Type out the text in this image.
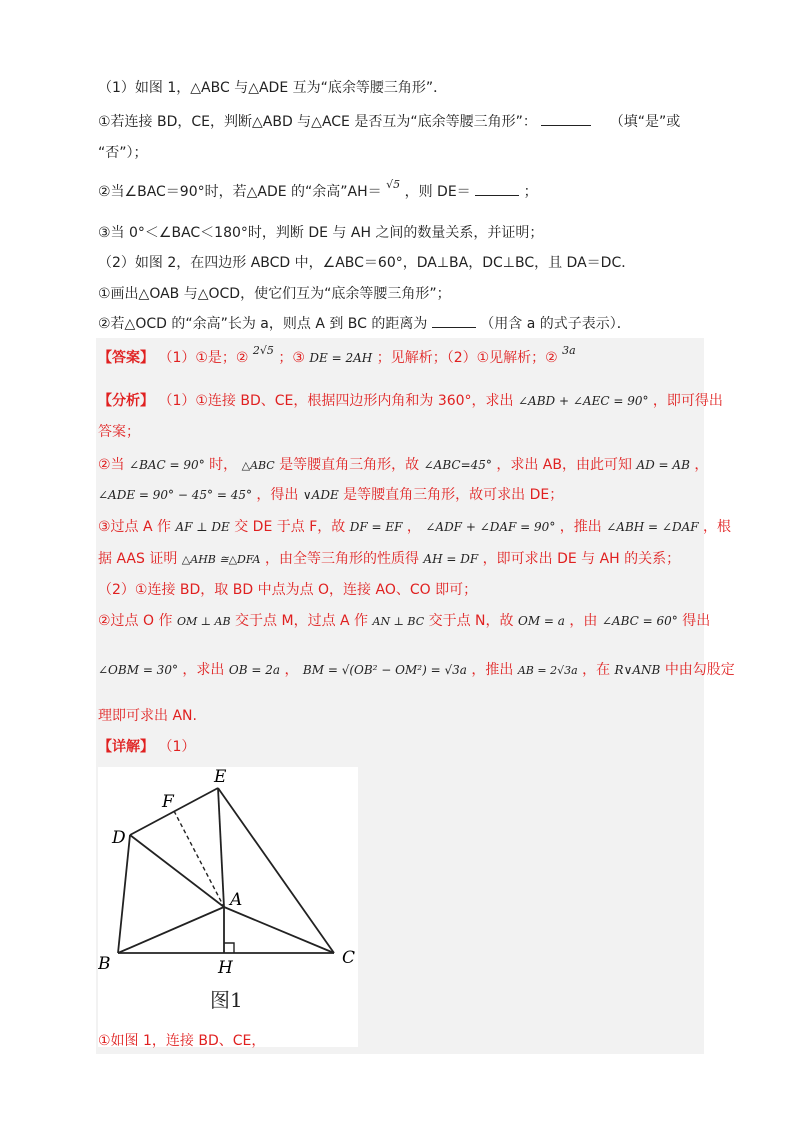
（1）如图 1，△ABC 与△ADE 互为“底余等腰三角形”．
①若连接 BD，CE，判断△ABD 与△ACE 是否互为“底余等腰三角形”：	（填“是”或
“否”）；
②当∠BAC＝90°时，若△ADE 的“余高”AH＝ $^{√5}$ ，则 DE＝	；
③当 0°＜∠BAC＜180°时，判断 DE 与 AH 之间的数量关系，并证明；
（2）如图 2，在四边形 ABCD 中，∠ABC＝60°，DA⊥BA，DC⊥BC，且 DA＝DC．
①画出△OAB 与△OCD，使它们互为“底余等腰三角形”；
②若△OCD 的“余高”长为 a，则点 A 到 BC 的距离为	（用含 a 的式子表示）．
【答案】 （1）①是；② $^{2√5}$ ；③ DE = 2AH ；见解析；（2）①见解析；② $^{3a}$
【分析】 （1）①连接 BD、CE，根据四边形内角和为 360°，求出 ∠ABD + ∠AEC = 90° ，即可得出
答案；
②当 ∠BAC = 90° 时， △ABC 是等腰直角三角形，故 ∠ABC=45° ，求出 AB，由此可知 AD = AB ，
∠ADE = 90° − 45° = 45° ，得出 ∨ADE 是等腰直角三角形，故可求出 DE；
③过点 A 作 AF ⊥ DE 交 DE 于点 F，故 DF = EF ， ∠ADF + ∠DAF = 90° ，推出 ∠ABH = ∠DAF ，根
据 AAS 证明 △AHB ≅△DFA ，由全等三角形的性质得 AH = DF ，即可求出 DE 与 AH 的关系；
（2）①连接 BD，取 BD 中点为点 O，连接 AO、CO 即可；
②过点 O 作 OM ⊥ AB 交于点 M，过点 A 作 AN ⊥ BC 交于点 N，故 OM = a ，由 ∠ABC = 60° 得出
∠OBM = 30° ，求出 OB = 2a ， BM = √(OB² − OM²) = √3a ，推出 AB = 2√3a ，在 R∨ANB 中由勾股定
理即可求出 AN.
【详解】 （1）
E
F
D
A
B	C
H
图1
①如图 1，连接 BD、CE，
